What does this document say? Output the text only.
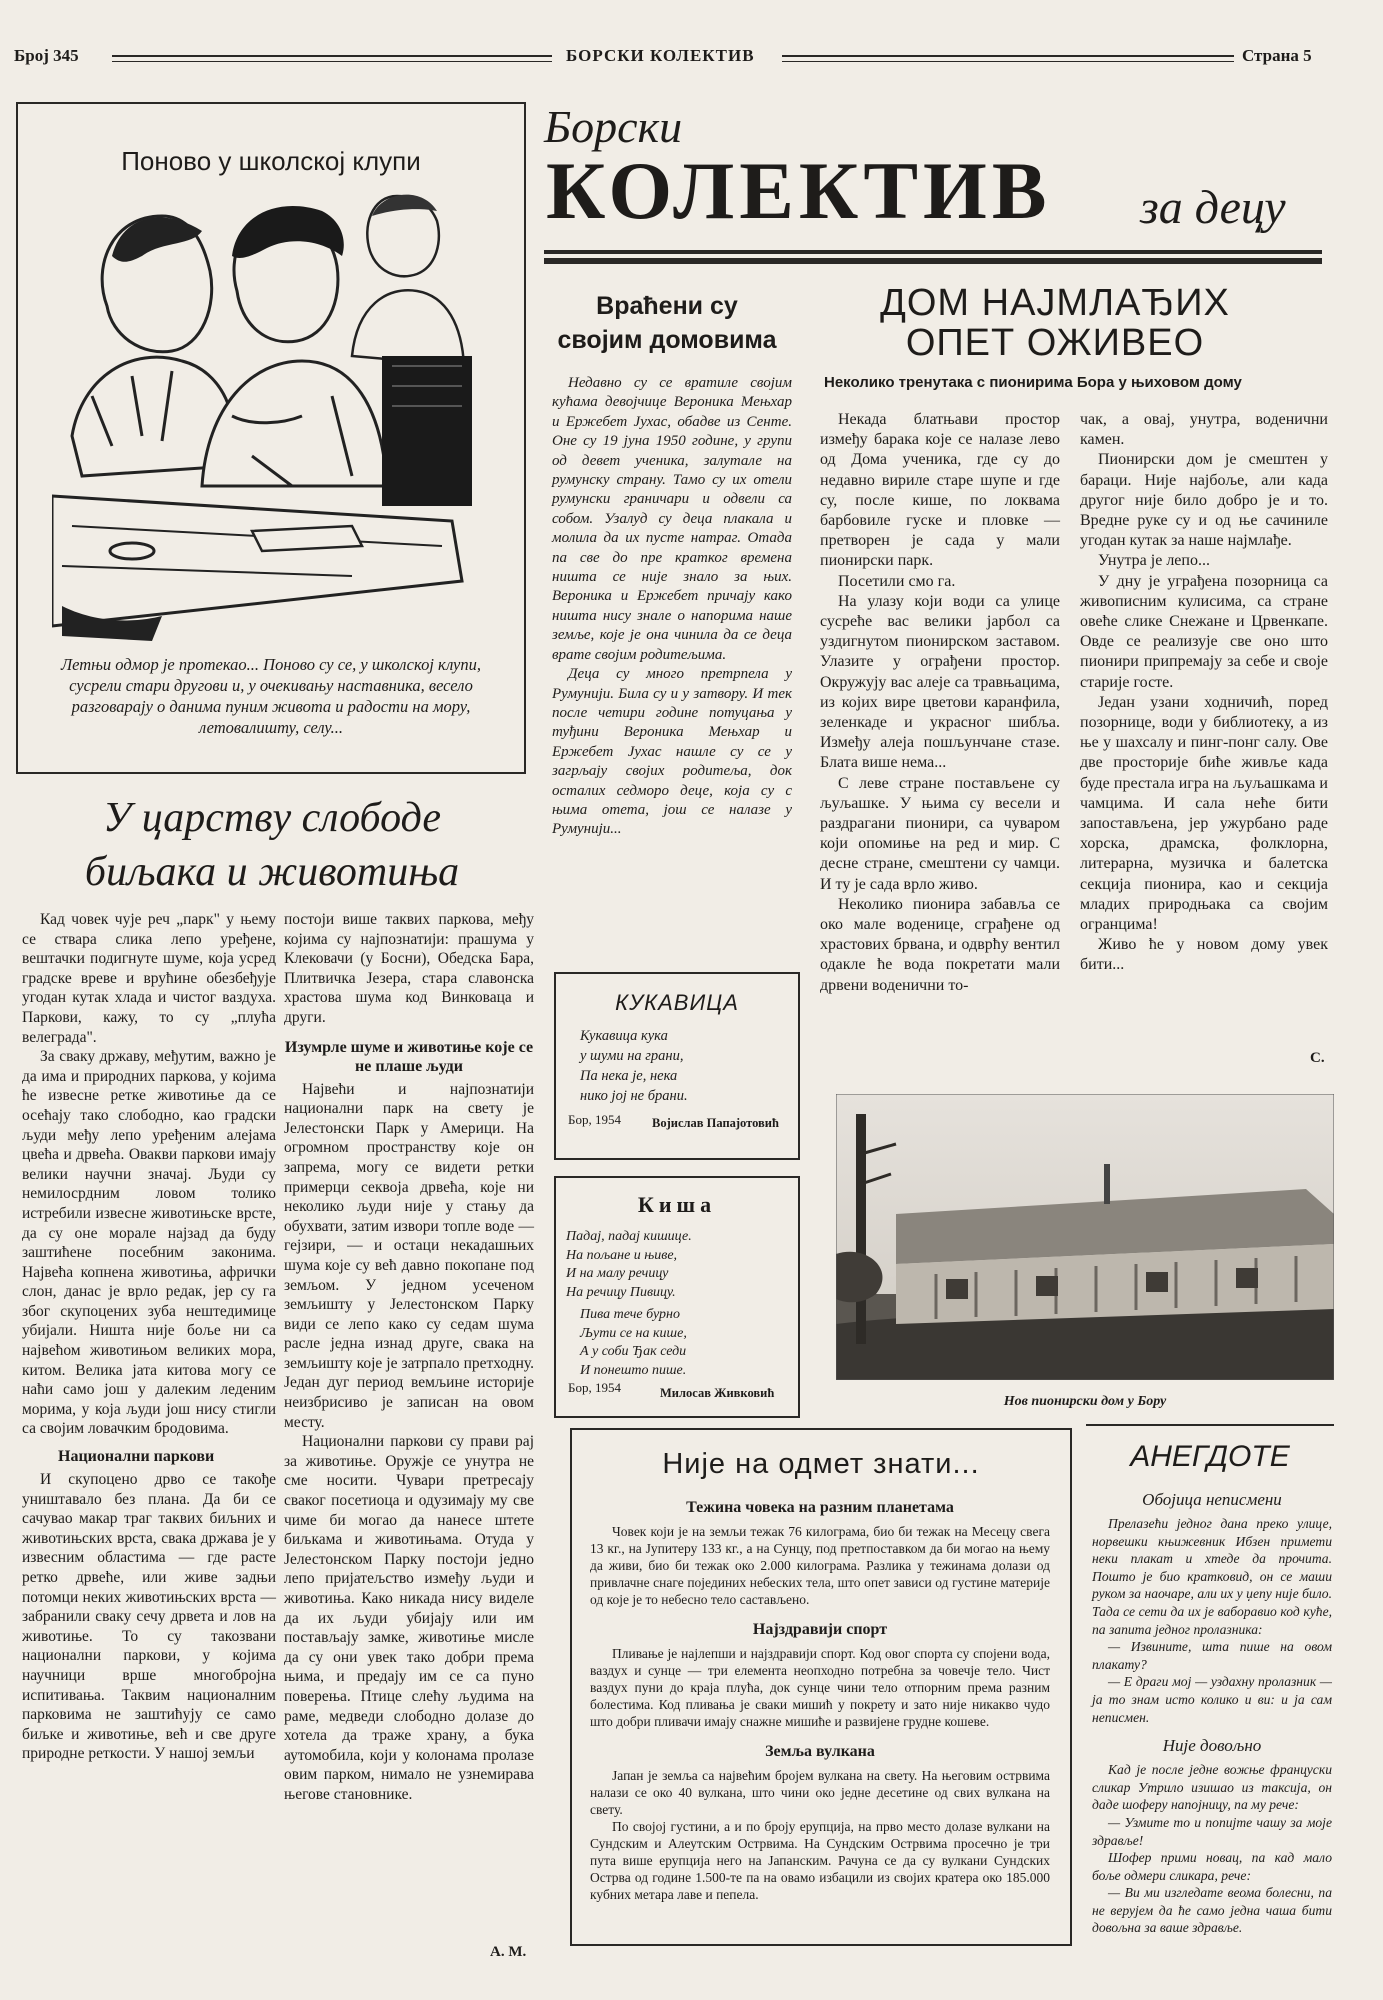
Број 345	БОРСКИ КОЛЕКТИВ	Страна 5
Поново у школској клупи
Летњи одмор је протекао... Поново су се, у школској клупи, сусрели стари другови и, у очекивању наставника, весело разговарају о данима пуним живота и радости на мору, летовалишту, селу...
Борски
КОЛЕКТИВ за децу
У царству слободе
биљака и животиња

Кад човек чује реч „парк" у њему се ствара слика лепо уређене, вештачки подигнуте шуме, која усред градске вреве и врућине обезбеђује угодан кутак хлада и чистог ваздуха. Паркови, кажу, то су „плућа велеграда".

За сваку државу, међутим, важно је да има и природних паркова, у којима ће извесне ретке животиње да се осећају тако слободно, као градски људи међу лепо уређеним алејама цвећа и дрвећа. Овакви паркови имају велики научни значај. Људи су немилосрдним ловом толико истребили извесне животињске врсте, да су оне морале најзад да буду заштићене посебним законима. Највећа копнена животиња, афрички слон, данас је врло редак, јер су га због скупоцених зуба нештедимице убијали. Ништа није боље ни са највећом животињом великих мора, китом. Велика јата китова могу се наћи само још у далеким леденим морима, у која људи још нису стигли са својим ловачким бродовима.

Национални паркови

И скупоцено дрво се такође уништавало без плана. Да би се сачувао макар траг таквих биљних и животињских врста, свака држава је у извесним областима — где расте ретко дрвеће, или живе задњи потомци неких животињских врста — забранили сваку сечу дрвета и лов на животиње. То су такозвани национални паркови, у којима научници врше многобројна испитивања. Таквим националним парковима не заштићују се само биљке и животиње, већ и све друге природне реткости. У нашој земљи

постоји више таквих паркова, међу којима су најпознатији: прашума у Клековачи (у Босни), Обедска Бара, Плитвичка Језера, стара славонска храстова шума код Винковаца и други.

Изумрле шуме и животиње које се не плаше људи

Највећи и најпознатији национални парк на свету је Јелестонски Парк у Америци. На огромном пространству које он запрема, могу се видети ретки примерци секвоја дрвећа, које ни неколико људи није у стању да обухвати, затим извори топле воде — гејзири, — и остаци некадашњих шума које су већ давно покопане под земљом. У једном усеченом земљишту у Јелестонском Парку види се лепо како су седам шума расле једна изнад друге, свака на земљишту које је затрпало претходну. Један дуг период вемљине историје неизбрисиво је записан на овом месту.

Национални паркови су прави рај за животиње. Оружје се унутра не сме носити. Чувари претресају сваког посетиоца и одузимају му све чиме би могао да нанесе штете биљкама и животињама. Отуда у Јелестонском Парку постоји једно лепо пријатељство између људи и животиња. Како никада нису виделе да их људи убијају или им постављају замке, животиње мисле да су они увек тако добри према њима, и предају им се са пуно поверења. Птице слећу људима на раме, медведи слободно долазе до хотела да траже храну, а бука аутомобила, који у колонама пролазе овим парком, нимало не узнемирава његове становнике.

А. М.
Враћени су
својим домовима

Недавно су се вратиле својим кућама девојчице Вероника Мењхар и Ержебет Јухас, обадве из Сенте. Оне су 19 јуна 1950 године, у групи од девет ученика, залутале на румунску страну. Тамо су их отели румунски граничари и одвели са собом. Узалуд су деца плакала и молила да их пусте натраг. Отада па све до пре кратког времена ништа се није знало за њих. Вероника и Ержебет причају како ништа нису знале о напорима наше земље, које је она чинила да се деца врате својим родитељима.

Деца су много претрпела у Румунији. Била су и у затвору. И тек после четири године потуцања у туђини Вероника Мењхар и Ержебет Јухас нашле су се у загрљају својих родитеља, док осталих седморо деце, која су с њима отета, још се налазе у Румунији...

КУКАВИЦА
Кукавица кука
у шуми на грани,
Па нека је, нека
нико јој не брани.
Бор, 1954 Војислав Папајотовић
Киша
Падај, падај кишице.
На пољане и њиве,
И на малу речицу
На речицу Пивицу.
Пива тече бурно
Љути се на кише,
А у соби Ђак седи
И понешто пише.
Бор, 1954	Милосав Живковић
ДОМ НАЈМЛАЂИХ
ОПЕТ ОЖИВЕО
Неколико тренутака с пионирима Бора у њиховом дому

Некада блатњави простор између барака које се налазе лево од Дома ученика, где су до недавно вириле старе шупе и где су, после кише, по локвама барбовиле гуске и пловке — претворен је сада у мали пионирски парк.

Посетили смо га.

На улазу који води са улице сусреће вас велики јарбол са уздигнутом пионирском заставом. Улазите у ограђени простор. Окружују вас алеје са травњацима, из којих вире цветови каранфила, зеленкаде и украсног шибља. Између алеја пошљунчане стазе. Блата више нема...

С леве стране постављене су љуљашке. У њима су весели и раздрагани пионири, са чуваром који опомиње на ред и мир. С десне стране, смештени су чамци. И ту је сада врло живо.

Неколико пионира забавља се око мале воденице, сграђене од храстових брвана, и одврћу вентил одакле ће вода покретати мали дрвени воденични то-

чак, а овај, унутра, воденични камен.

Пионирски дом је смештен у бараци. Није најбоље, али када другог није било добро је и то. Вредне руке су и од ње сачиниле угодан кутак за наше најмлађе.

Унутра је лепо...

У дну је уграђена позорница са живописним кулисима, са стране овеће слике Снежане и Црвенкапе. Овде се реализује све оно што пионири припремају за себе и своје старије госте.

Један узани ходничић, поред позорнице, води у библиотеку, а из ње у шахсалу и пинг-понг салу. Ове две просторије биће живље када буде престала игра на љуљашкама и чамцима. И сала неће бити запостављена, јер ужурбано раде хорска, драмска, фолклорна, литерарна, музичка и балетска секција пионира, као и секција младих природњака са својим огранцима!

Живо ће у новом дому увек бити...

С.
Нов пионирски дом у Бору
Није на одмет знати...
Тежина човека на разним планетама

Човек који је на земљи тежак 76 килограма, био би тежак на Месецу свега 13 кг., на Јупитеру 133 кг., а на Сунцу, под претпоставком да би могао на њему да живи, био би тежак око 2.000 килограма. Разлика у тежинама долази од привлачне снаге појединих небеских тела, што опет зависи од густине материје од које је то небесно тело састављено.

Најздравији спорт

Пливање је најлепши и најздравији спорт. Код овог спорта су спојени вода, ваздух и сунце — три елемента неопходно потребна за човечје тело. Чист ваздух пуни до краја плућа, док сунце чини тело отпорним према разним болестима. Код пливања је сваки мишић у покрету и зато није никакво чудо што добри пливачи имају снажне мишиће и развијене грудне кошеве.

Земља вулкана

Јапан је земља са највећим бројем вулкана на свету. На његовим острвима налази се око 40 вулкана, што чини око једне десетине од свих вулкана на свету.

По својој густини, а и по броју ерупција, на прво место долазе вулкани на Сундским и Алеутским Острвима. На Сундским Острвима просечно је три пута више ерупција него на Јапанским. Рачуна се да су вулкани Сундских Острва од године 1.500-те па на овамо избацили из својих кратера око 185.000 кубних метара лаве и пепела.

АНЕГДОТЕ
Обојица неписмени

Прелазећи једног дана преко улице, норвешки књижевник Ибзен примети неки плакат и хтеде да прочита. Пошто је био кратковид, он се маши руком за наочаре, али их у џепу није било. Тада се сети да их је ваборавио код куће, па запита једног пролазника:

— Извините, шта пише на овом плакату?

— Е драги мој — уздахну пролазник — ја то знам исто колико и ви: и ја сам неписмен.

Није довољно

Кад је после једне вожње француски сликар Утрило изишао из таксија, он даде шоферу напојницу, па му рече:

— Узмите то и попијте чашу за моје здравље!

Шофер прими новац, па кад мало боље одмери сликара, рече:

— Ви ми изгледате веома болесни, па не верујем да ће само једна чаша бити довољна за ваше здравље.
